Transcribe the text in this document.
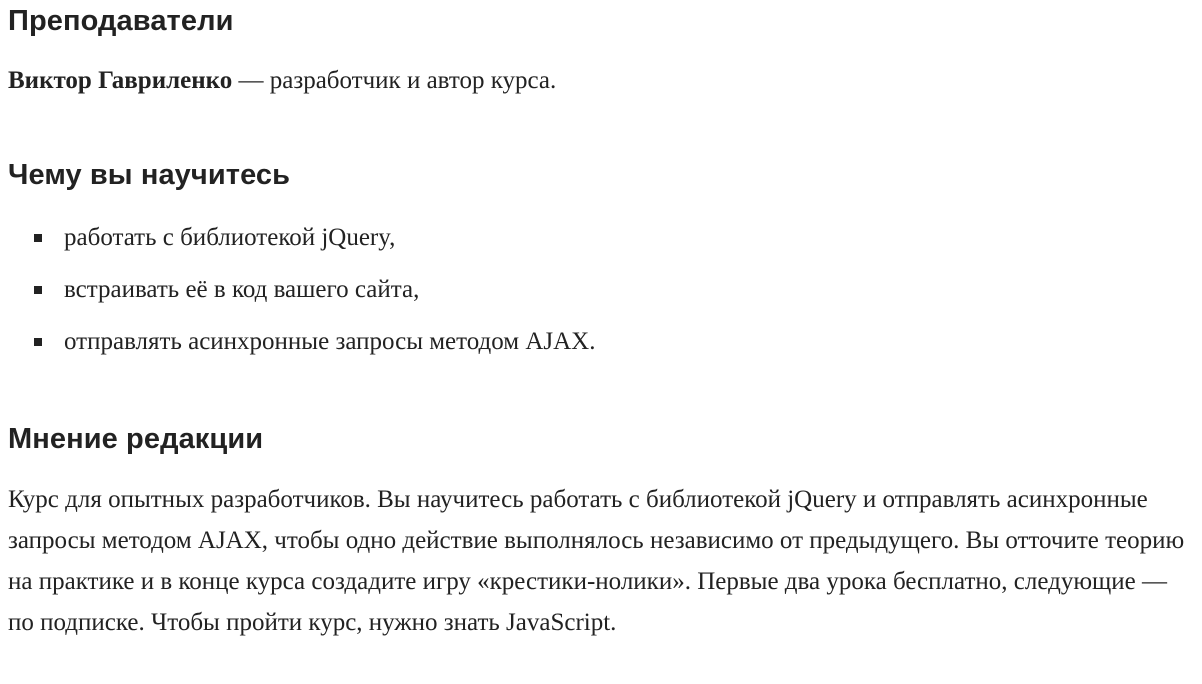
Преподаватели

Виктор Гавриленко — разработчик и автор курса.

Чему вы научитесь
работать с библиотекой jQuery,
встраивать её в код вашего сайта,
отправлять асинхронные запросы методом AJAX.
Мнение редакции

Курс для опытных разработчиков. Вы научитесь работать с библиотекой jQuery и отправлять асинхронные запросы методом AJAX, чтобы одно действие выполнялось независимо от предыдущего. Вы отточите теорию на практике и в конце курса создадите игру «крестики-нолики». Первые два урока бесплатно, следующие — по подписке. Чтобы пройти курс, нужно знать JavaScript.
